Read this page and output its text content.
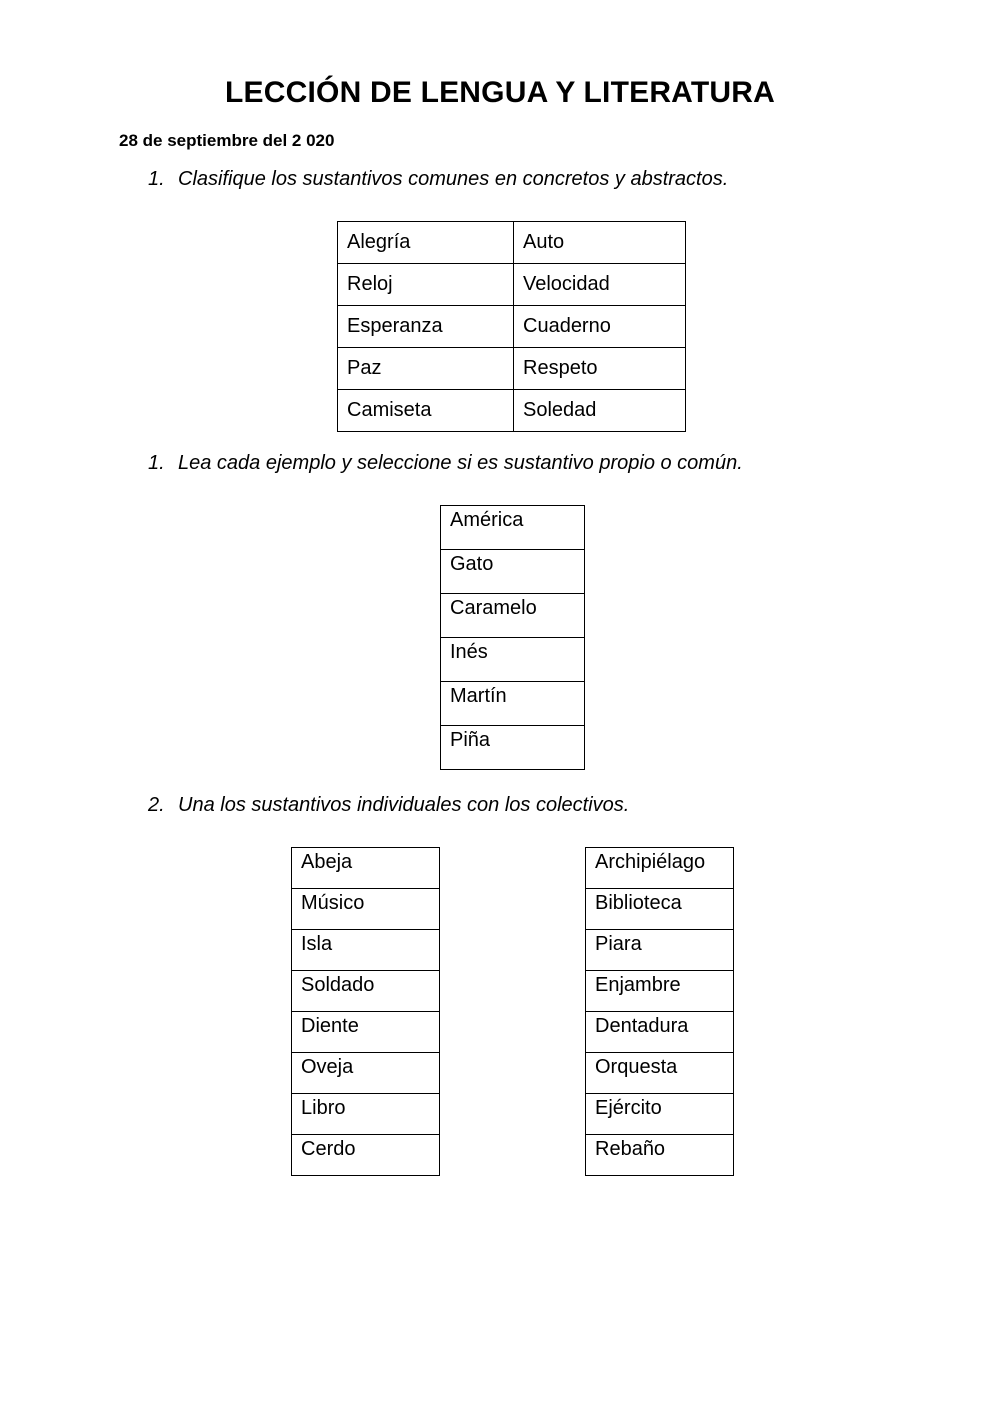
LECCIÓN DE LENGUA Y LITERATURA
28 de septiembre del 2 020
1. Clasifique los sustantivos comunes en concretos y abstractos.
Alegría	Auto
Reloj	Velocidad
Esperanza	Cuaderno
Paz	Respeto
Camiseta	Soledad
1. Lea cada ejemplo y seleccione si es sustantivo propio o común.
América
Gato
Caramelo
Inés
Martín
Piña
2. Una los sustantivos individuales con los colectivos.
Abeja
Músico
Isla
Soldado
Diente
Oveja
Libro
Cerdo
Archipiélago
Biblioteca
Piara
Enjambre
Dentadura
Orquesta
Ejército
Rebaño
